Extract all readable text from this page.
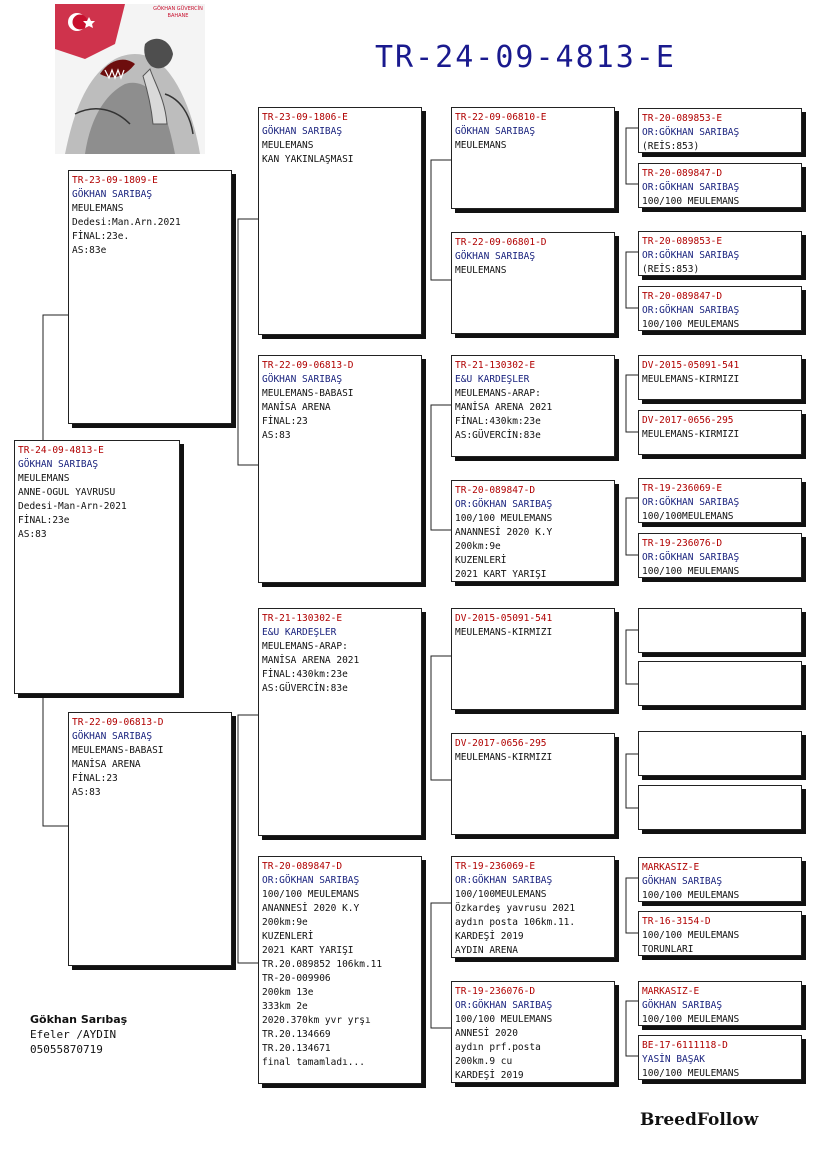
GÖKHAN GÜVERCİN BAHANE
TR-24-09-4813-E
TR-24-09-4813-E
GÖKHAN SARIBAŞ
MEULEMANS
ANNE-OGUL YAVRUSU
Dedesi-Man-Arn-2021
FİNAL:23e
AS:83
TR-23-09-1809-E
GÖKHAN SARIBAŞ
MEULEMANS
Dedesi:Man.Arn.2021
FİNAL:23e.
AS:83e
TR-22-09-06813-D
GÖKHAN SARIBAŞ
MEULEMANS-BABASI
MANİSA ARENA
FİNAL:23
AS:83
TR-23-09-1806-E
GÖKHAN SARIBAŞ
MEULEMANS
KAN YAKINLAŞMASI
TR-22-09-06813-D
GÖKHAN SARIBAŞ
MEULEMANS-BABASI
MANİSA ARENA
FİNAL:23
AS:83
TR-21-130302-E
E&U KARDEŞLER
MEULEMANS-ARAP:
MANİSA ARENA 2021
FİNAL:430km:23e
AS:GÜVERCİN:83e
TR-20-089847-D
OR:GÖKHAN SARIBAŞ
100/100 MEULEMANS
ANANNESİ 2020 K.Y
200km:9e
KUZENLERİ
2021 KART YARIŞI
TR.20.089852 106km.11
TR-20-009906
200km 13e
333km 2e
2020.370km yvr yrşı
TR.20.134669
TR.20.134671
final tamamladı...
TR-22-09-06810-E
GÖKHAN SARIBAŞ
MEULEMANS
TR-22-09-06801-D
GÖKHAN SARIBAŞ
MEULEMANS
TR-21-130302-E
E&U KARDEŞLER
MEULEMANS-ARAP:
MANİSA ARENA 2021
FİNAL:430km:23e
AS:GÜVERCİN:83e
TR-20-089847-D
OR:GÖKHAN SARIBAŞ
100/100 MEULEMANS
ANANNESİ 2020 K.Y
200km:9e
KUZENLERİ
2021 KART YARIŞI
DV-2015-05091-541
MEULEMANS-KIRMIZI
DV-2017-0656-295
MEULEMANS-KIRMIZI
TR-19-236069-E
OR:GÖKHAN SARIBAŞ
100/100MEULEMANS
Özkardeş yavrusu 2021
aydın posta 106km.11.
KARDEŞİ 2019
AYDIN ARENA
TR-19-236076-D
OR:GÖKHAN SARIBAŞ
100/100 MEULEMANS
ANNESİ 2020
aydın prf.posta
200km.9 cu
KARDEŞİ 2019
TR-20-089853-E
OR:GÖKHAN SARIBAŞ
(REİS:853)
TR-20-089847-D
OR:GÖKHAN SARIBAŞ
100/100 MEULEMANS
TR-20-089853-E
OR:GÖKHAN SARIBAŞ
(REİS:853)
TR-20-089847-D
OR:GÖKHAN SARIBAŞ
100/100 MEULEMANS
DV-2015-05091-541
MEULEMANS-KIRMIZI
DV-2017-0656-295
MEULEMANS-KIRMIZI
TR-19-236069-E
OR:GÖKHAN SARIBAŞ
100/100MEULEMANS
TR-19-236076-D
OR:GÖKHAN SARIBAŞ
100/100 MEULEMANS
MARKASIZ-E
GÖKHAN SARIBAŞ
100/100 MEULEMANS
TR-16-3154-D
100/100 MEULEMANS
TORUNLARI
MARKASIZ-E
GÖKHAN SARIBAŞ
100/100 MEULEMANS
BE-17-6111118-D
YASİN BAŞAK
100/100 MEULEMANS
Gökhan Sarıbaş
Efeler /AYDIN
05055870719
BreedFollow
